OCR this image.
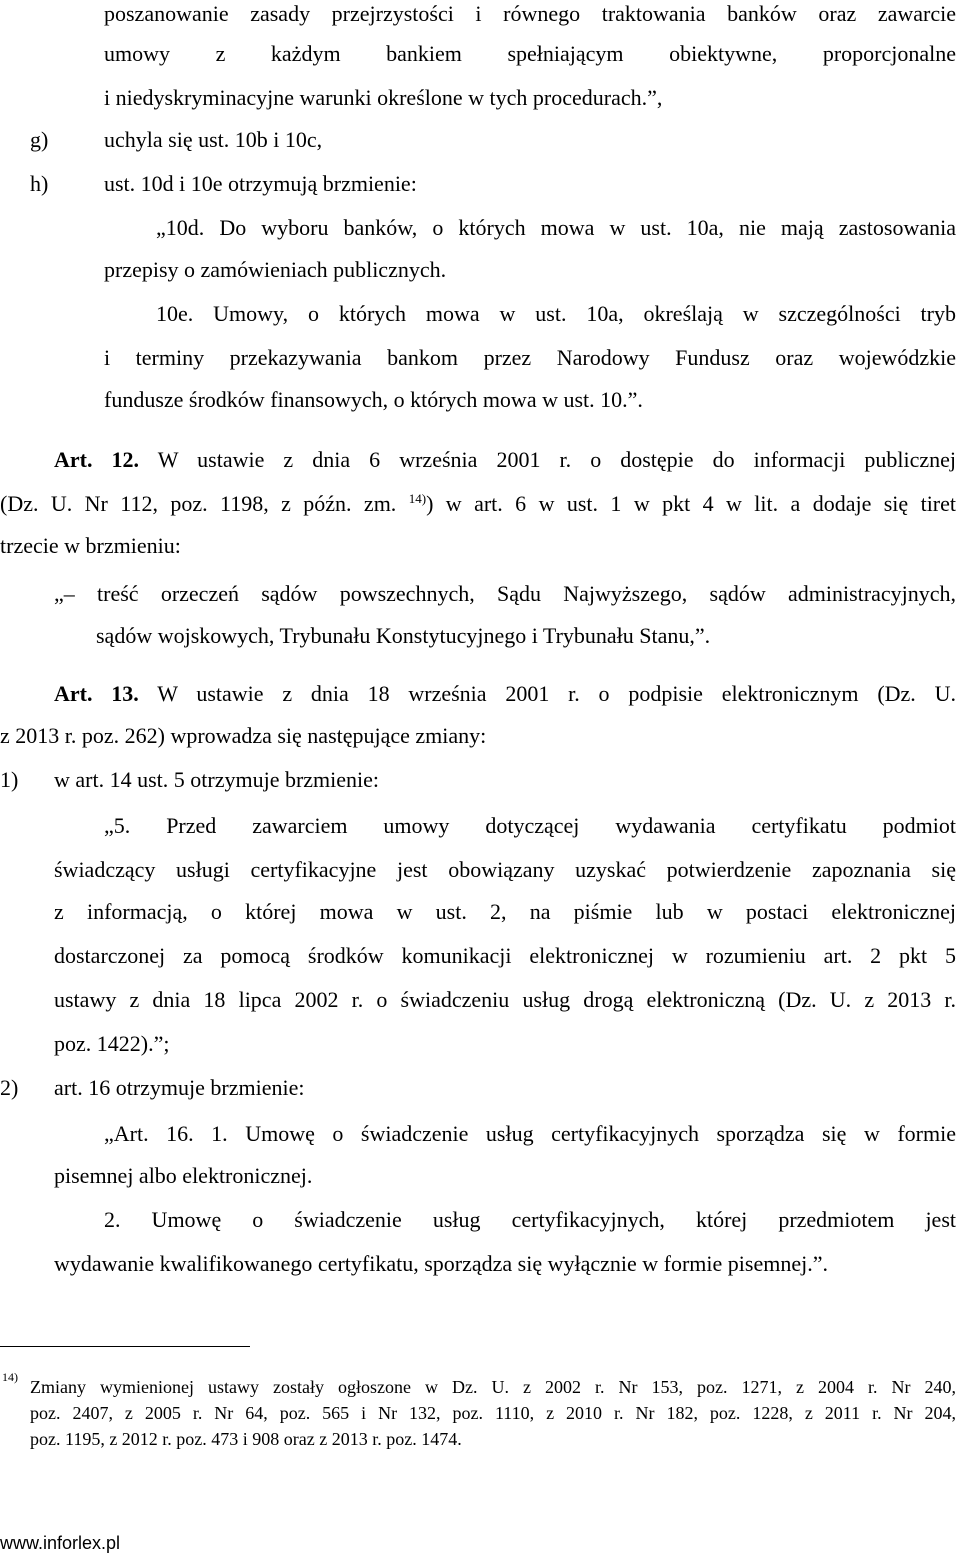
poszanowanie zasady przejrzystości i równego traktowania banków oraz zawarcie
umowy z każdym bankiem spełniającym obiektywne, proporcjonalne
i niedyskryminacyjne warunki określone w tych procedurach.”,
g)	uchyla się ust. 10b i 10c,
h)	ust. 10d i 10e otrzymują brzmienie:
„10d. Do wyboru banków, o których mowa w ust. 10a, nie mają zastosowania
przepisy o zamówieniach publicznych.
10e. Umowy, o których mowa w ust. 10a, określają w szczególności tryb
i terminy przekazywania bankom przez Narodowy Fundusz oraz wojewódzkie
fundusze środków finansowych, o których mowa w ust. 10.”.
Art. 12. W ustawie z dnia 6 września 2001 r. o dostępie do informacji publicznej
(Dz. U. Nr 112, poz. 1198, z późn. zm. $^{14)}$) w art. 6 w ust. 1 w pkt 4 w lit. a dodaje się tiret
trzecie w brzmieniu:
„– treść orzeczeń sądów powszechnych, Sądu Najwyższego, sądów administracyjnych,
sądów wojskowych, Trybunału Konstytucyjnego i Trybunału Stanu,”.
Art. 13. W ustawie z dnia 18 września 2001 r. o podpisie elektronicznym (Dz. U.
z 2013 r. poz. 262) wprowadza się następujące zmiany:
1) w art. 14 ust. 5 otrzymuje brzmienie:
„5. Przed zawarciem umowy dotyczącej wydawania certyfikatu podmiot
świadczący usługi certyfikacyjne jest obowiązany uzyskać potwierdzenie zapoznania się
z informacją, o której mowa w ust. 2, na piśmie lub w postaci elektronicznej
dostarczonej za pomocą środków komunikacji elektronicznej w rozumieniu art. 2 pkt 5
ustawy z dnia 18 lipca 2002 r. o świadczeniu usług drogą elektroniczną (Dz. U. z 2013 r.
poz. 1422).”;
2) art. 16 otrzymuje brzmienie:
„Art. 16. 1. Umowę o świadczenie usług certyfikacyjnych sporządza się w formie
pisemnej albo elektronicznej.
2. Umowę o świadczenie usług certyfikacyjnych, której przedmiotem jest
wydawanie kwalifikowanego certyfikatu, sporządza się wyłącznie w formie pisemnej.”.
14) Zmiany wymienionej ustawy zostały ogłoszone w Dz. U. z 2002 r. Nr 153, poz. 1271, z 2004 r. Nr 240,
poz. 2407, z 2005 r. Nr 64, poz. 565 i Nr 132, poz. 1110, z 2010 r. Nr 182, poz. 1228, z 2011 r. Nr 204,
poz. 1195, z 2012 r. poz. 473 i 908 oraz z 2013 r. poz. 1474.
www.inforlex.pl
